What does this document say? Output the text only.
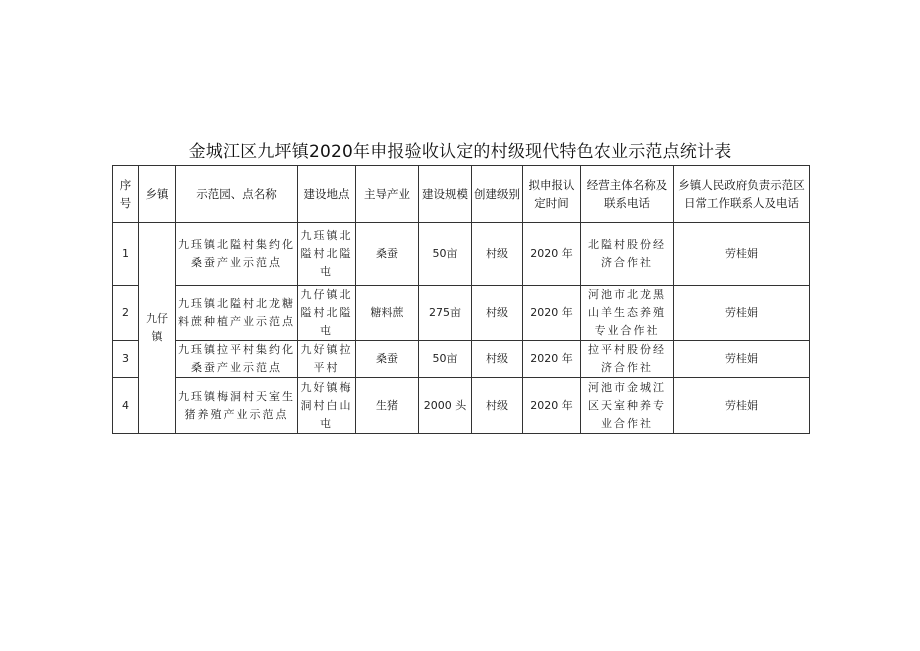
金城江区九坪镇2020年申报验收认定的村级现代特色农业示范点统计表
序号	乡镇	示范园、点名称	建设地点	主导产业	建设规模	创建级别	拟申报认定时间	经营主体名称及联系电话	乡镇人民政府负责示范区日常工作联系人及电话
1	九仔镇	九珏镇北隘村集约化桑蚕产业示范点	九珏镇北隘村北隘屯	桑蚕	50亩	村级	2020 年	北隘村股份经济合作社	劳桂娟
2		九珏镇北隘村北龙糖料蔗种植产业示范点	九仔镇北隘村北隘屯	糖料蔗	275亩	村级	2020 年	河池市北龙黑山羊生态养殖专业合作社	劳桂娟
3		九珏镇拉平村集约化桑蚕产业示范点	九好镇拉平村	桑蚕	50亩	村级	2020 年	拉平村股份经济合作社	劳桂娟
4		九珏镇梅洞村天室生猪养殖产业示范点	九好镇梅洞村白山屯	生猪	2000 头	村级	2020 年	河池市金城江区天室种养专业合作社	劳桂娟
